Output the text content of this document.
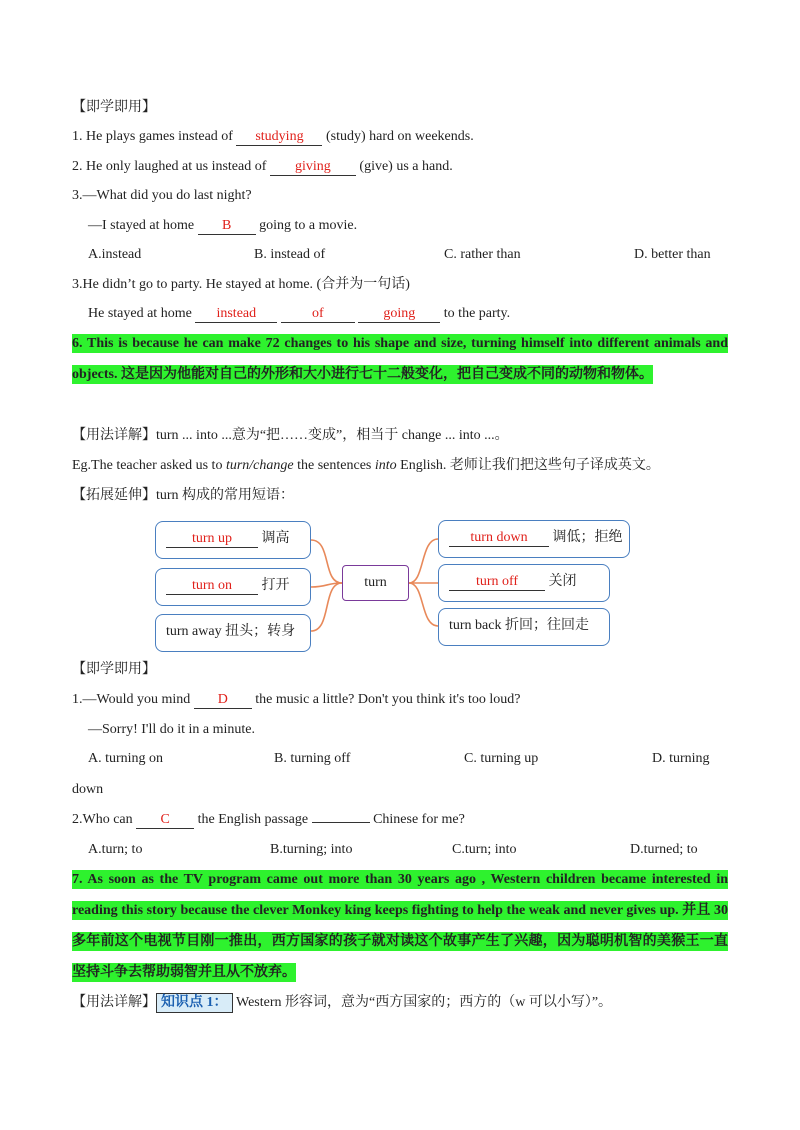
【即学即用】
1. He plays games instead of studying (study) hard on weekends.
2. He only laughed at us instead of giving (give) us a hand.
3.—What did you do last night?
—I stayed at home B going to a movie.
A.instead	B. instead of	C. rather than	D. better than
3.He didn’t go to party. He stayed at home. (合并为一句话)
He stayed at home instead	of	going to the party.
6. This is because he can make 72 changes to his shape and size, turning himself into different animals and objects. 这是因为他能对自己的外形和大小进行七十二般变化，把自己变成不同的动物和物体。
【用法详解】turn ... into ...意为“把……变成”，相当于 change ... into ...。
Eg.The teacher asked us to turn/change the sentences into English. 老师让我们把这些句子译成英文。
【拓展延伸】turn 构成的常用短语：
turn
turn up 调高
turn on 打开
turn away 扭头；转身
turn down 调低；拒绝
turn off 关闭
turn back 折回；往回走
【即学即用】
1.—Would you mind D the music a little? Don't you think it's too loud?
—Sorry! I'll do it in a minute.
A. turning on	B. turning off	C. turning up	D. turning
down
2.Who can C the English passage	Chinese for me?
A.turn; to	B.turning; into	C.turn; into	D.turned; to
7. As soon as the TV program came out more than 30 years ago , Western children became interested in reading this story because the clever Monkey king keeps fighting to help the weak and never gives up. 并且 30 多年前这个电视节目刚一推出，西方国家的孩子就对读这个故事产生了兴趣，因为聪明机智的美猴王一直坚持斗争去帮助弱智并且从不放弃。
【用法详解】 知识点 1： Western 形容词，意为“西方国家的；西方的（w 可以小写）”。
